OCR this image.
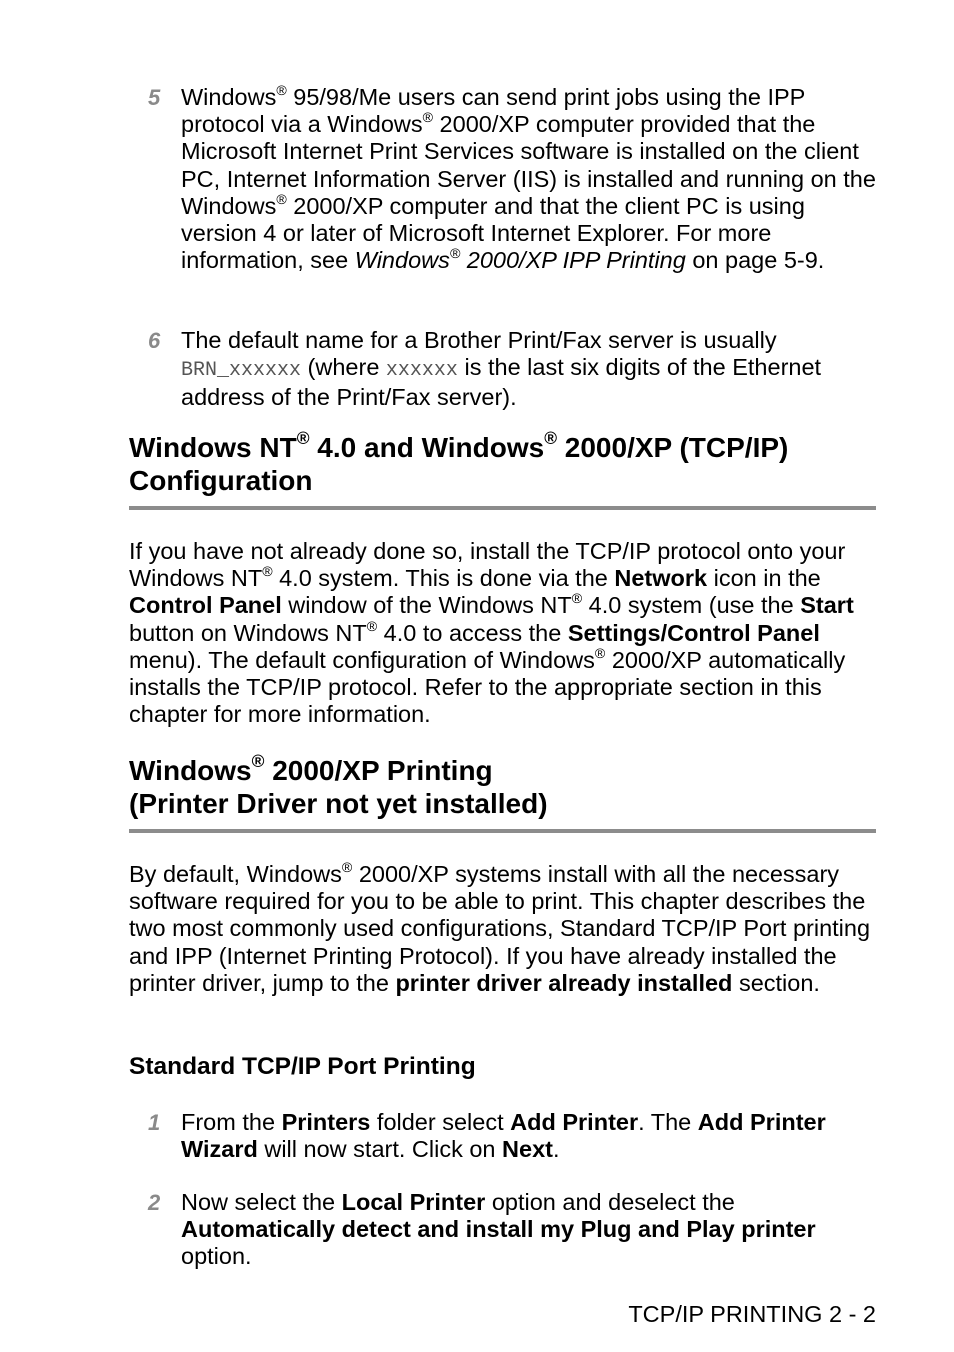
5 Windows® 95/98/Me users can send print jobs using the IPP protocol via a Windows® 2000/XP computer provided that the Microsoft Internet Print Services software is installed on the client PC, Internet Information Server (IIS) is installed and running on the Windows® 2000/XP computer and that the client PC is using version 4 or later of Microsoft Internet Explorer. For more information, see Windows® 2000/XP IPP Printing on page 5-9.
6 The default name for a Brother Print/Fax server is usually BRN_xxxxxx (where xxxxxx is the last six digits of the Ethernet address of the Print/Fax server).
Windows NT® 4.0 and Windows® 2000/XP (TCP/IP) Configuration
If you have not already done so, install the TCP/IP protocol onto your Windows NT® 4.0 system. This is done via the Network icon in the Control Panel window of the Windows NT® 4.0 system (use the Start button on Windows NT® 4.0 to access the Settings/Control Panel menu). The default configuration of Windows® 2000/XP automatically installs the TCP/IP protocol. Refer to the appropriate section in this chapter for more information.
Windows® 2000/XP Printing
(Printer Driver not yet installed)
By default, Windows® 2000/XP systems install with all the necessary software required for you to be able to print. This chapter describes the two most commonly used configurations, Standard TCP/IP Port printing and IPP (Internet Printing Protocol). If you have already installed the printer driver, jump to the printer driver already installed section.
Standard TCP/IP Port Printing
1 From the Printers folder select Add Printer. The Add Printer Wizard will now start. Click on Next.
2 Now select the Local Printer option and deselect the Automatically detect and install my Plug and Play printer option.
TCP/IP PRINTING 2 - 2
